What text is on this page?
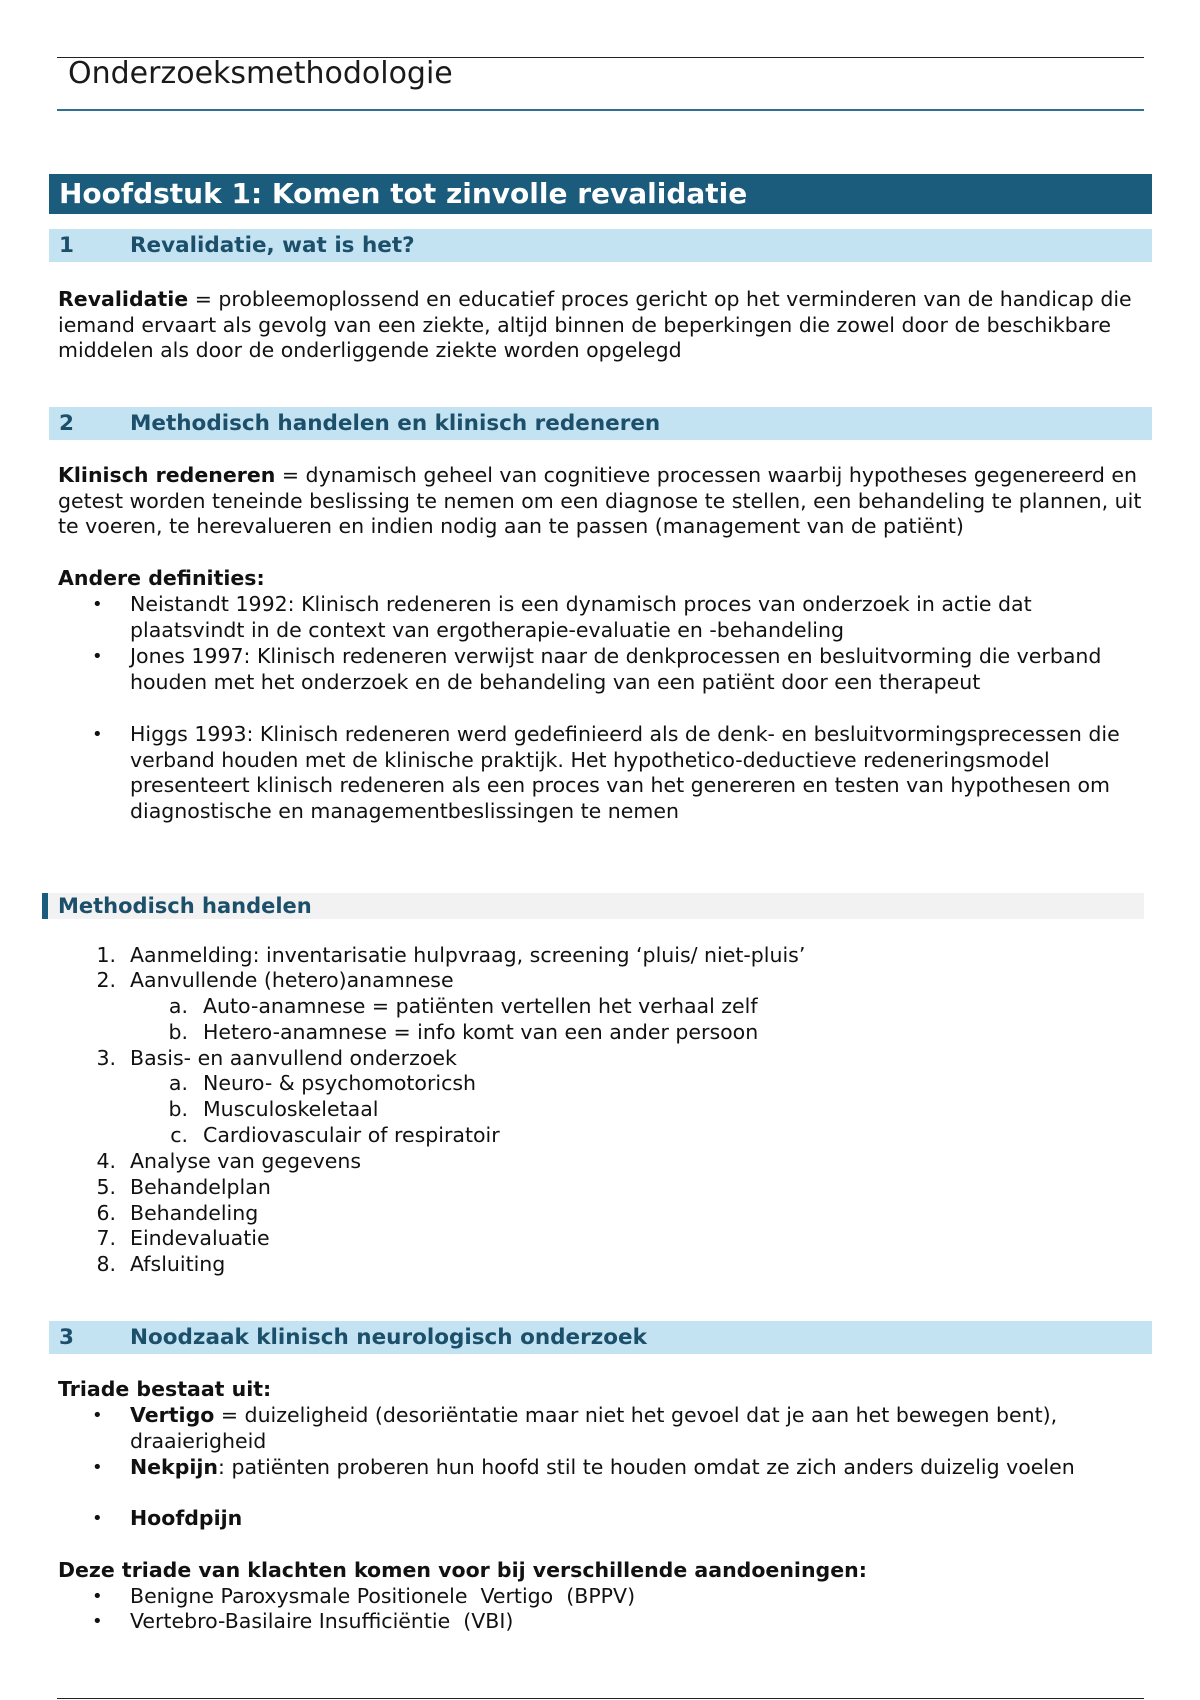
Onderzoeksmethodologie
Hoofdstuk 1: Komen tot zinvolle revalidatie
1	Revalidatie, wat is het?

Revalidatie = probleemoplossend en educatief proces gericht op het verminderen van de handicap die iemand ervaart als gevolg van een ziekte, altijd binnen de beperkingen die zowel door de beschikbare middelen als door de onderliggende ziekte worden opgelegd

2	Methodisch handelen en klinisch redeneren

Klinisch redeneren = dynamisch geheel van cognitieve processen waarbij hypotheses gegenereerd en getest worden teneinde beslissing te nemen om een diagnose te stellen, een behandeling te plannen, uit te voeren, te herevalueren en indien nodig aan te passen (management van de patiënt)

Andere definities:
• Neistandt 1992: Klinisch redeneren is een dynamisch proces van onderzoek in actie dat plaatsvindt in de context van ergotherapie-evaluatie en -behandeling

• Jones 1997: Klinisch redeneren verwijst naar de denkprocessen en besluitvorming die verband houden met het onderzoek en de behandeling van een patiënt door een therapeut

• Higgs 1993: Klinisch redeneren werd gedefinieerd als de denk- en besluitvormingsprecessen die verband houden met de klinische praktijk. Het hypothetico-deductieve redeneringsmodel presenteert klinisch redeneren als een proces van het genereren en testen van hypothesen om diagnostische en managementbeslissingen te nemen

Methodisch handelen
1. Aanmelding: inventarisatie hulpvraag, screening ‘pluis/ niet-pluis’
2. Aanvullende (hetero)anamnese
a. Auto-anamnese = patiënten vertellen het verhaal zelf
b. Hetero-anamnese = info komt van een ander persoon
3. Basis- en aanvullend onderzoek
a. Neuro- & psychomotoricsh
b. Musculoskeletaal
c. Cardiovasculair of respiratoir
4. Analyse van gegevens
5. Behandelplan
6. Behandeling
7. Eindevaluatie
8. Afsluiting
3	Noodzaak klinisch neurologisch onderzoek
Triade bestaat uit:
• Vertigo = duizeligheid (desoriëntatie maar niet het gevoel dat je aan het bewegen bent), draaierigheid

• Nekpijn: patiënten proberen hun hoofd stil te houden omdat ze zich anders duizelig voelen

• Hoofdpijn

Deze triade van klachten komen voor bij verschillende aandoeningen:
• Benigne Paroxysmale Positionele  Vertigo  (BPPV)
• Vertebro-Basilaire Insufficiëntie  (VBI)
